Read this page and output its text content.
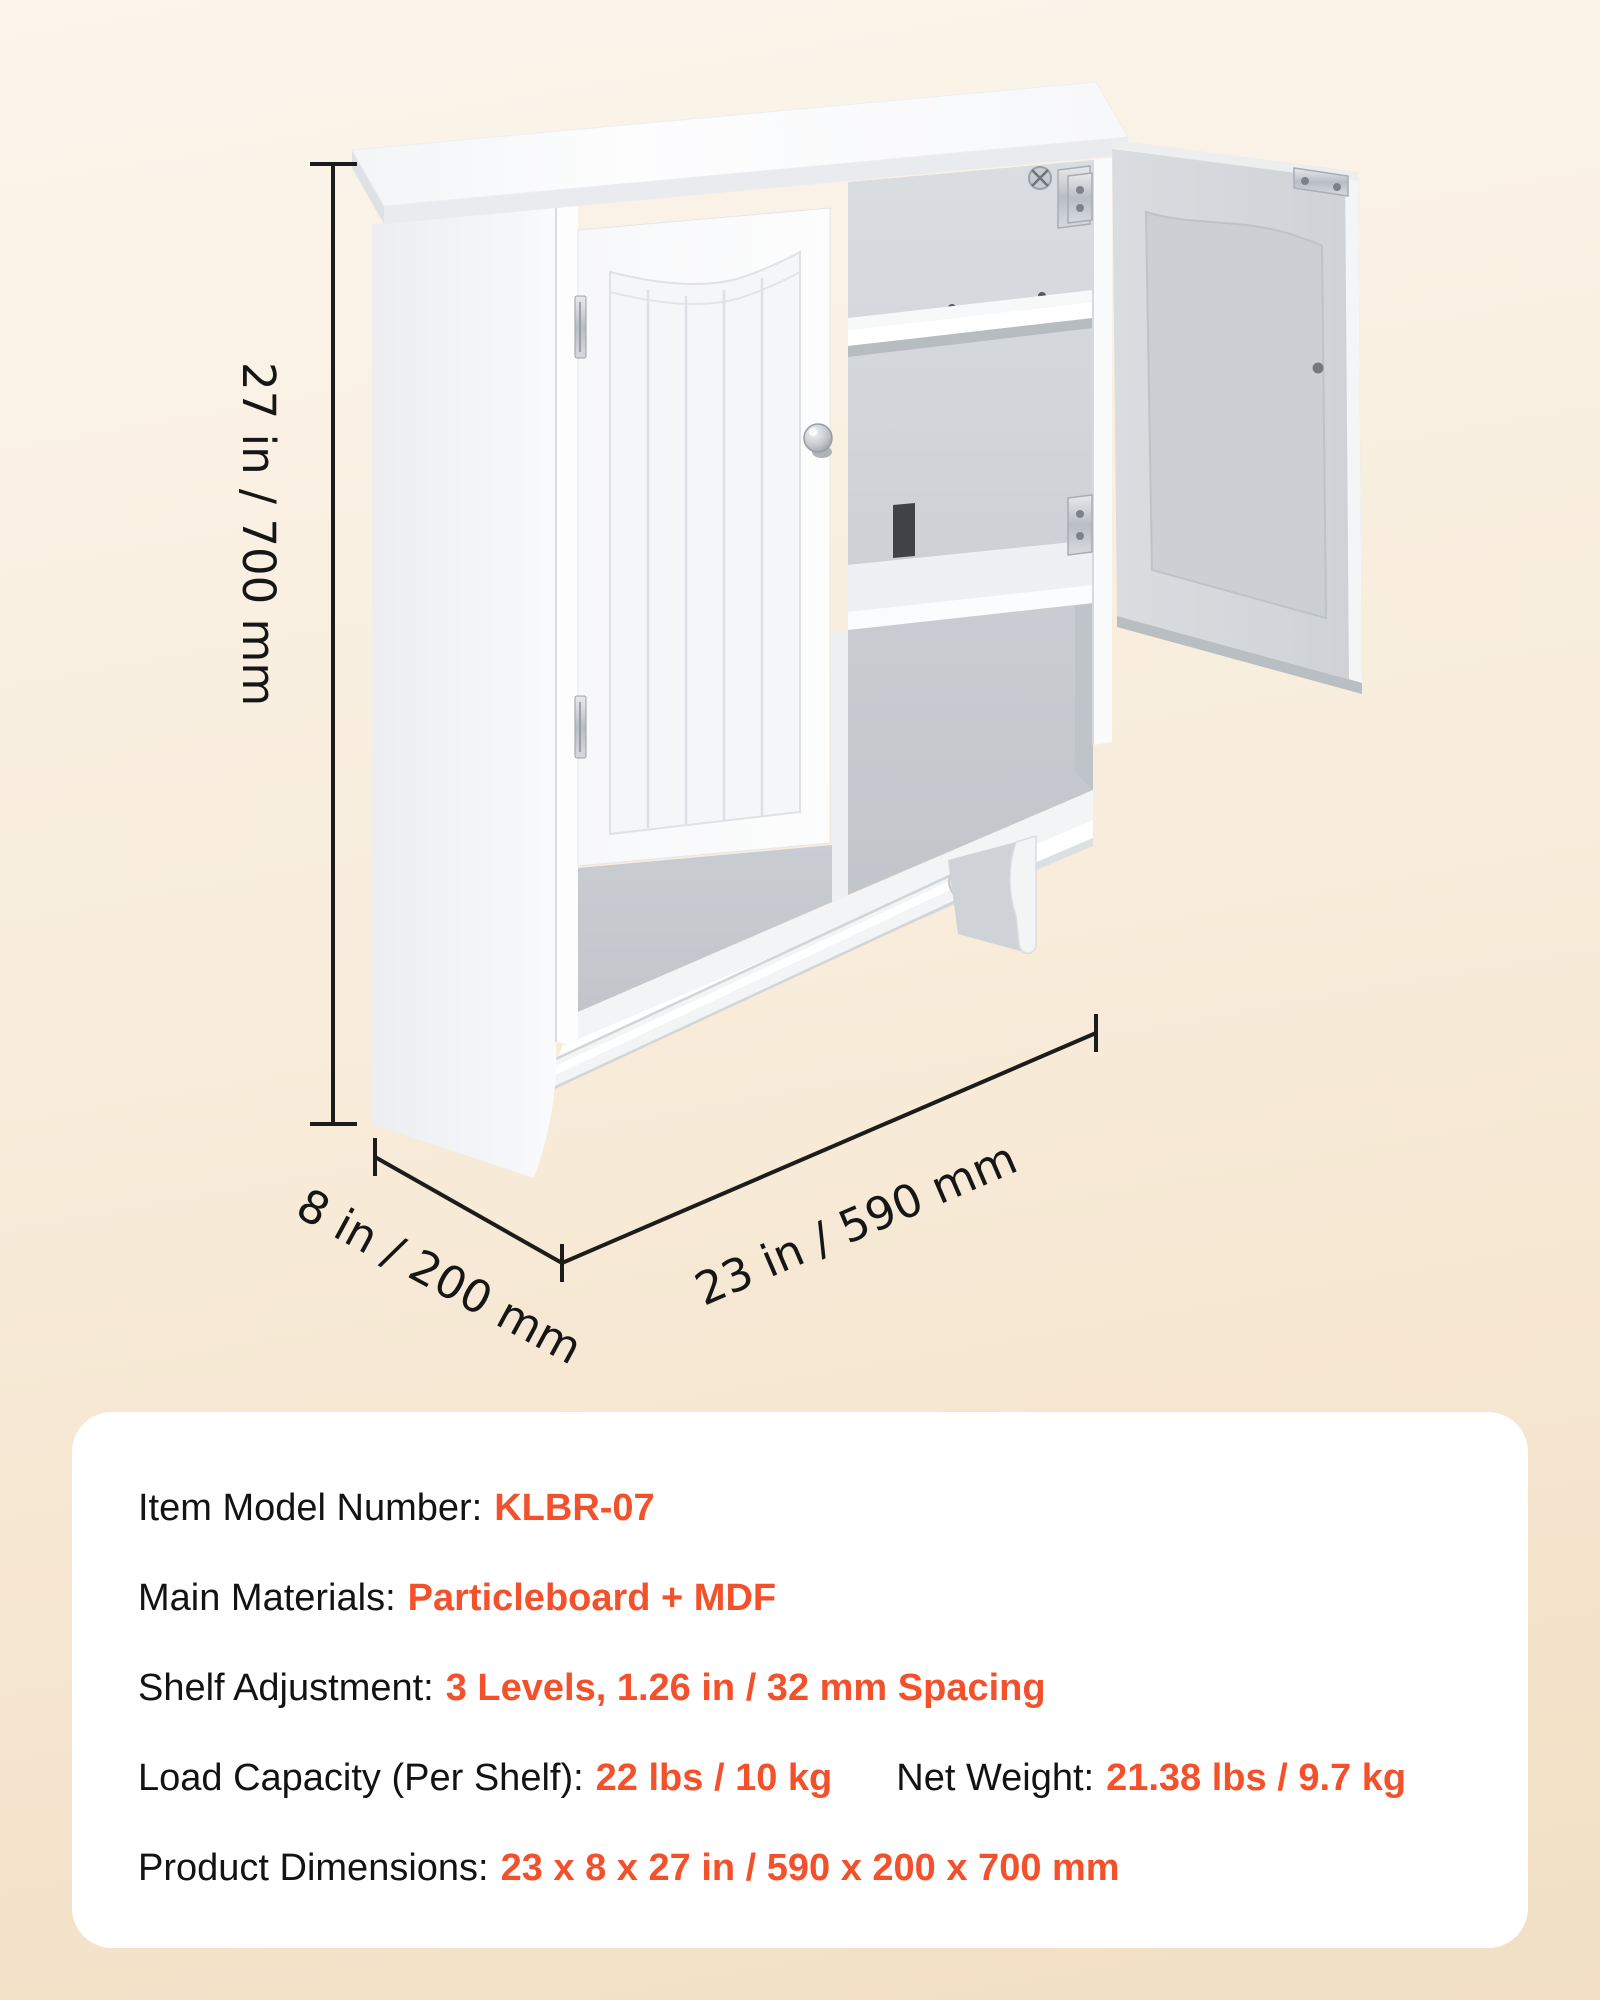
27 in / 700 mm
8 in / 200 mm 23 in / 590 mm
Item Model Number: KLBR-07
Main Materials: Particleboard + MDF
Shelf Adjustment: 3 Levels, 1.26 in / 32 mm Spacing
Load Capacity (Per Shelf): 22 lbs / 10 kg Net Weight: 21.38 lbs / 9.7 kg
Product Dimensions: 23 x 8 x 27 in / 590 x 200 x 700 mm
